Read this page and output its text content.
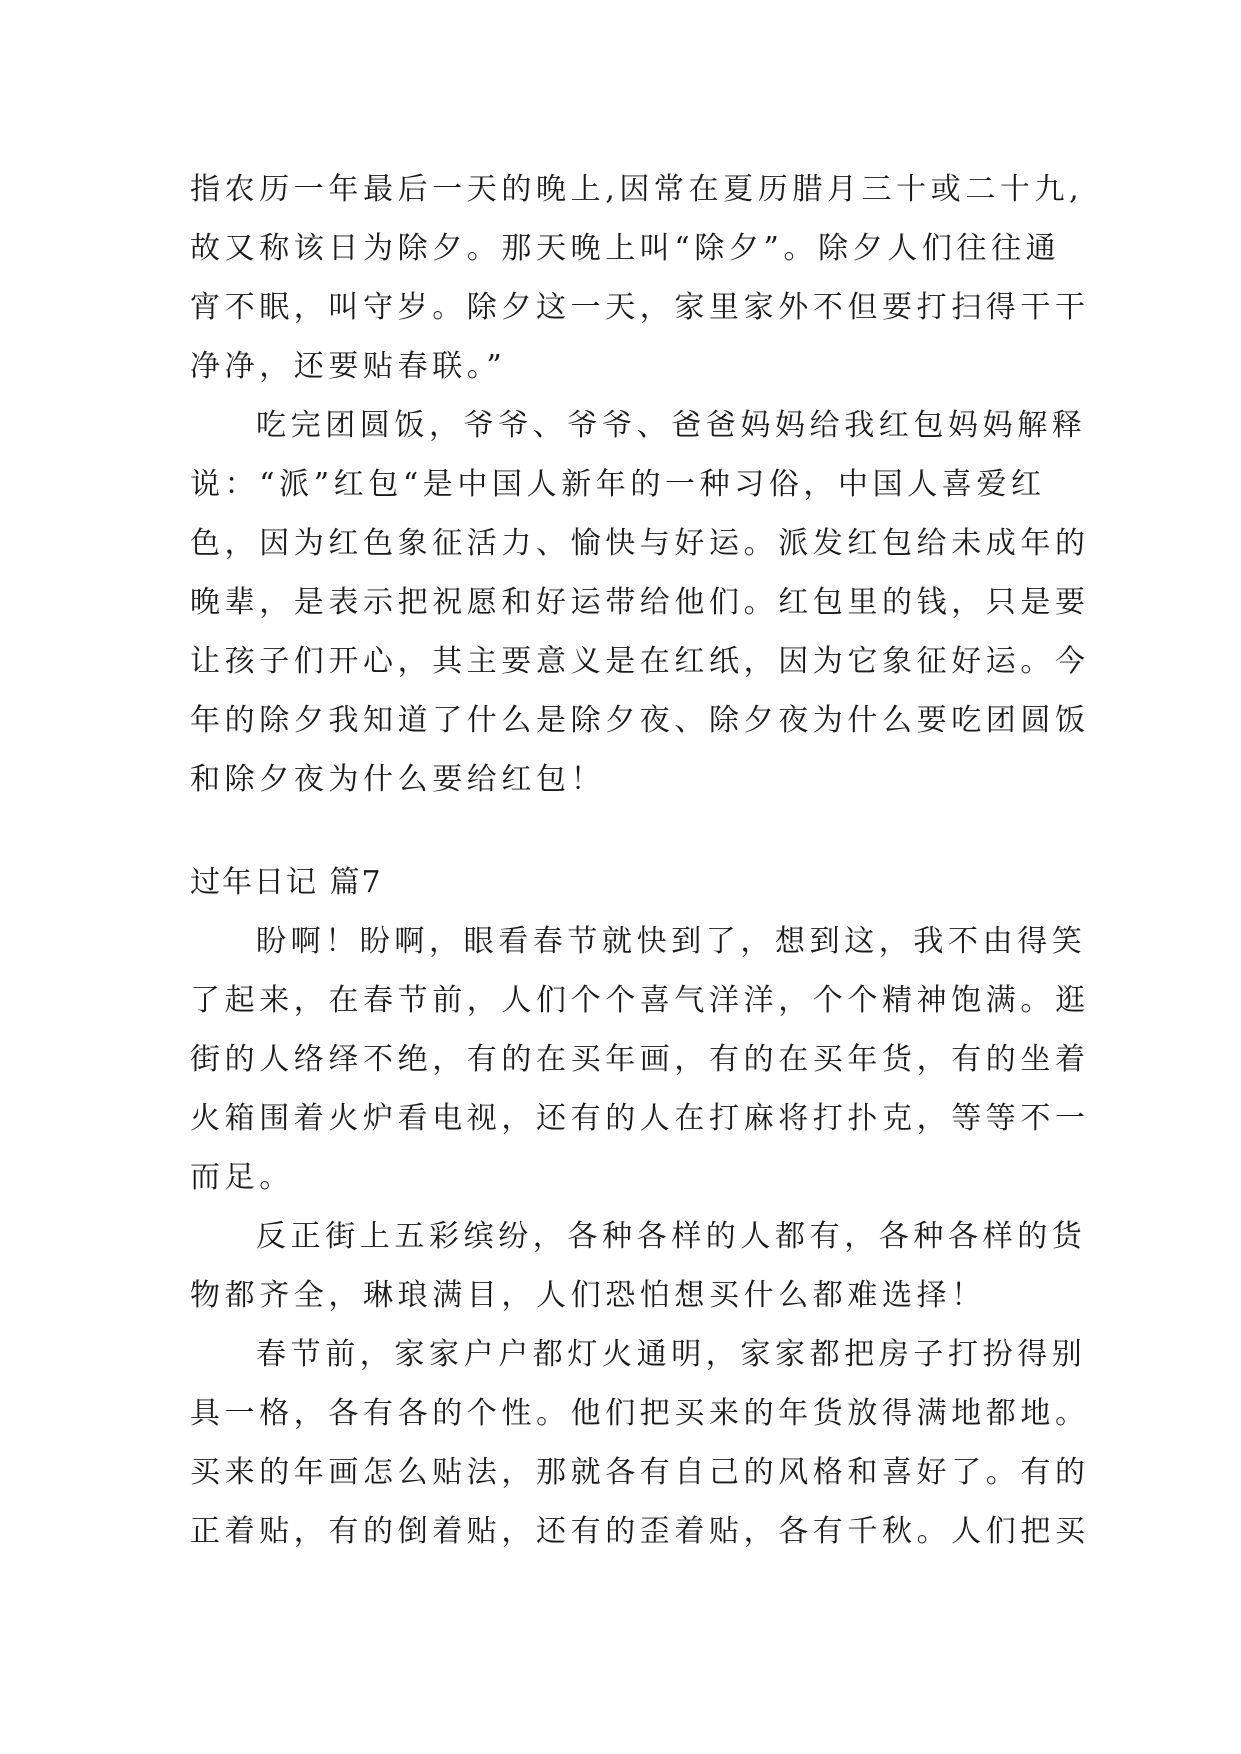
指农历一年最后一天的晚上,因常在夏历腊月三十或二十九,

故又称该日为除夕。那天晚上叫“除夕”。除夕人们往往通

宵不眠，叫守岁。除夕这一天，家里家外不但要打扫得干干

净净，还要贴春联。”

吃完团圆饭，爷爷、爷爷、爸爸妈妈给我红包妈妈解释

说：“派”红包“是中国人新年的一种习俗，中国人喜爱红

色，因为红色象征活力、愉快与好运。派发红包给未成年的

晚辈，是表示把祝愿和好运带给他们。红包里的钱，只是要

让孩子们开心，其主要意义是在红纸，因为它象征好运。今

年的除夕我知道了什么是除夕夜、除夕夜为什么要吃团圆饭

和除夕夜为什么要给红包！

过年日记 篇7

盼啊！盼啊，眼看春节就快到了，想到这，我不由得笑

了起来，在春节前，人们个个喜气洋洋，个个精神饱满。逛

街的人络绎不绝，有的在买年画，有的在买年货，有的坐着

火箱围着火炉看电视，还有的人在打麻将打扑克，等等不一

而足。

反正街上五彩缤纷，各种各样的人都有，各种各样的货

物都齐全，琳琅满目，人们恐怕想买什么都难选择！

春节前，家家户户都灯火通明，家家都把房子打扮得别

具一格，各有各的个性。他们把买来的年货放得满地都地。

买来的年画怎么贴法，那就各有自己的风格和喜好了。有的

正着贴，有的倒着贴，还有的歪着贴，各有千秋。人们把买
